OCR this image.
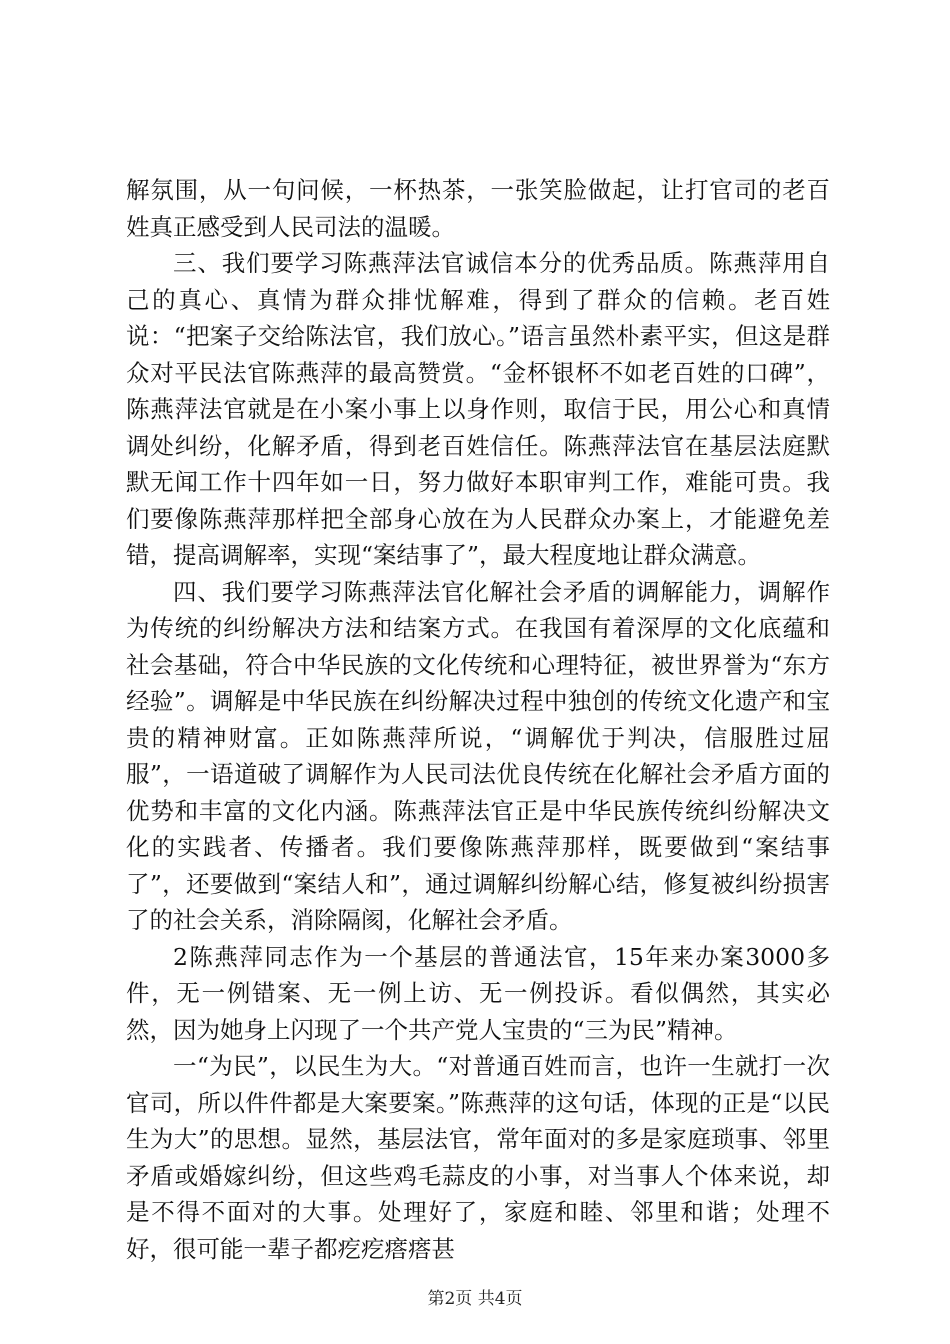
解氛围，从一句问候，一杯热茶，一张笑脸做起，让打官司的老百姓真正感受到人民司法的温暖。

三、我们要学习陈燕萍法官诚信本分的优秀品质。陈燕萍用自己的真心、真情为群众排忧解难，得到了群众的信赖。老百姓说：“把案子交给陈法官，我们放心。”语言虽然朴素平实，但这是群众对平民法官陈燕萍的最高赞赏。“金杯银杯不如老百姓的口碑”，陈燕萍法官就是在小案小事上以身作则，取信于民，用公心和真情调处纠纷，化解矛盾，得到老百姓信任。陈燕萍法官在基层法庭默默无闻工作十四年如一日，努力做好本职审判工作，难能可贵。我们要像陈燕萍那样把全部身心放在为人民群众办案上，才能避免差错，提高调解率，实现“案结事了”，最大程度地让群众满意。

四、我们要学习陈燕萍法官化解社会矛盾的调解能力，调解作为传统的纠纷解决方法和结案方式。在我国有着深厚的文化底蕴和社会基础，符合中华民族的文化传统和心理特征，被世界誉为“东方经验”。调解是中华民族在纠纷解决过程中独创的传统文化遗产和宝贵的精神财富。正如陈燕萍所说，“调解优于判决，信服胜过屈服”，一语道破了调解作为人民司法优良传统在化解社会矛盾方面的优势和丰富的文化内涵。陈燕萍法官正是中华民族传统纠纷解决文化的实践者、传播者。我们要像陈燕萍那样，既要做到“案结事了”，还要做到“案结人和”，通过调解纠纷解心结，修复被纠纷损害了的社会关系，消除隔阂，化解社会矛盾。

2陈燕萍同志作为一个基层的普通法官，15年来办案3000多件，无一例错案、无一例上访、无一例投诉。看似偶然，其实必然，因为她身上闪现了一个共产党人宝贵的“三为民”精神。

一“为民”，以民生为大。“对普通百姓而言，也许一生就打一次官司，所以件件都是大案要案。”陈燕萍的这句话，体现的正是“以民生为大”的思想。显然，基层法官，常年面对的多是家庭琐事、邻里矛盾或婚嫁纠纷，但这些鸡毛蒜皮的小事，对当事人个体来说，却是不得不面对的大事。处理好了，家庭和睦、邻里和谐；处理不好，很可能一辈子都疙疙瘩瘩甚

第2页 共4页
